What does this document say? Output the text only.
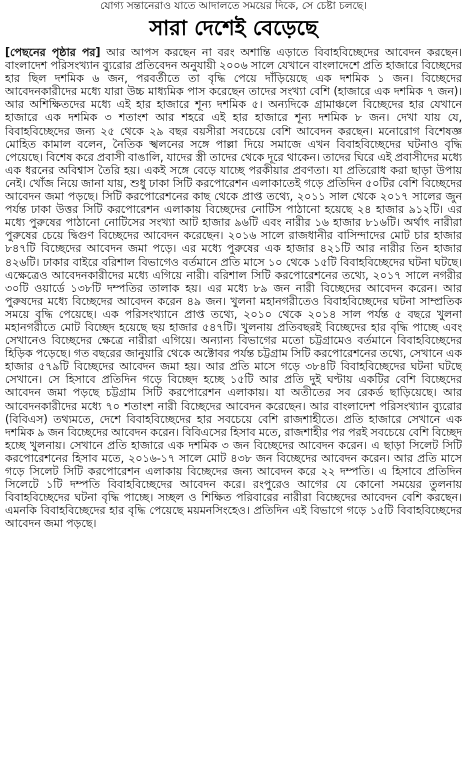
যোগ্য সন্তানেরাও যাতে আদালতে সময়ের দিকে, সে চেষ্টা চলছে।
সারা দেশেই বেড়েছে
[পেছনের পৃষ্ঠার পর] আর আপস করছেন না বরং অশান্তি এড়াতে বিবাহবিচ্ছেদের আবেদন করছেন। বাংলাদেশ পরিসংখ্যান ব্যুরোর প্রতিবেদন অনুযায়ী ২০০৬ সালে যেখানে বাংলাদেশে প্রতি হাজারে বিচ্ছেদের হার ছিল দশমিক ৬ জন, পরবর্তীতে তা বৃদ্ধি পেয়ে দাঁড়িয়েছে এক দশমিক ১ জন। বিচ্ছেদের আবেদনকারীদের মধ্যে যারা উচ্চ মাধ্যমিক পাস করেছেন তাদের সংখ্যা বেশি (হাজারে এক দশমিক ৭ জন)। আর অশিক্ষিতদের মধ্যে এই হার হাজারে শূন্য দশমিক ৫। অন্যদিকে গ্রামাঞ্চলে বিচ্ছেদের হার যেখানে হাজারে এক দশমিক ৩ শতাংশ আর শহরে এই হার হাজারে শূন্য দশমিক ৮ জন। দেখা যায় যে, বিবাহবিচ্ছেদের জন্য ২৫ থেকে ২৯ বছর বয়সীরা সবচেয়ে বেশি আবেদন করছেন। মনোরোগ বিশেষজ্ঞ মোহিত কামাল বলেন, নৈতিক স্খলনের সঙ্গে পাল্লা দিয়ে সমাজে এখন বিবাহবিচ্ছেদের ঘটনাও বৃদ্ধি পেয়েছে। বিশেষ করে প্রবাসী বাঙালি, যাদের স্ত্রী তাদের থেকে দূরে থাকেন। তাদের ঘিরে এই প্রবাসীদের মধ্যে এক ধরনের অবিশ্বাস তৈরি হয়। একই সঙ্গে বেড়ে যাচ্ছে পরকীয়ার প্রবণতা। যা প্রতিরোধ করা ছাড়া উপায় নেই। খোঁজ নিয়ে জানা যায়, শুধু ঢাকা সিটি করপোরেশন এলাকাতেই গড়ে প্রতিদিন ৫০টির বেশি বিচ্ছেদের আবেদন জমা পড়ছে। সিটি করপোরেশনের কাছ থেকে প্রাপ্ত তথ্যে, ২০১১ সাল থেকে ২০১৭ সালের জুন পর্যন্ত ঢাকা উত্তর সিটি করপোরেশন এলাকায় বিচ্ছেদের নোটিস পাঠানো হয়েছে ২৪ হাজার ৯১২টি। এর মধ্যে পুরুষের পাঠানো নোটিসের সংখ্যা আট হাজার ৯৬টি এবং নারীর ১৬ হাজার ৮১৬টি। অর্থাৎ নারীরা পুরুষের চেয়ে দ্বিগুণ বিচ্ছেদের আবেদন করেছেন। ২০১৬ সালে রাজধানীর বাসিন্দাদের মোট চার হাজার ৮৪৭টি বিচ্ছেদের আবেদন জমা পড়ে। এর মধ্যে পুরুষের এক হাজার ৪২১টি আর নারীর তিন হাজার ৪২৬টি। ঢাকার বাইরে বরিশাল বিভাগেও বর্তমানে প্রতি মাসে ১০ থেকে ১৫টি বিবাহবিচ্ছেদের ঘটনা ঘটছে। এক্ষেত্রেও আবেদনকারীদের মধ্যে এগিয়ে নারী। বরিশাল সিটি করপোরেশনের তথ্যে, ২০১৭ সালে নগরীর ৩০টি ওয়ার্ডে ১৩৮টি দম্পতির তালাক হয়। এর মধ্যে ৮৯ জন নারী বিচ্ছেদের আবেদন করেন। আর পুরুষদের মধ্যে বিচ্ছেদের আবেদন করেন ৪৯ জন। খুলনা মহানগরীতেও বিবাহবিচ্ছেদের ঘটনা সাম্প্রতিক সময়ে বৃদ্ধি পেয়েছে। এক পরিসংখ্যানে প্রাপ্ত তথ্যে, ২০১০ থেকে ২০১৪ সাল পর্যন্ত ৫ বছরে খুলনা মহানগরীতে মোট বিচ্ছেদ হয়েছে ছয় হাজার ৫৪৭টি। খুলনায় প্রতিবছরই বিচ্ছেদের হার বৃদ্ধি পাচ্ছে এবং সেখানেও বিচ্ছেদের ক্ষেত্রে নারীরা এগিয়ে। অন্যান্য বিভাগের মতো চট্টগ্রামেও বর্তমানে বিবাহবিচ্ছেদের হিড়িক পড়েছে। গত বছরের জানুয়ারি থেকে অক্টোবর পর্যন্ত চট্টগ্রাম সিটি করপোরেশনের তথ্যে, সেখানে এক হাজার ৫৭৯টি বিচ্ছেদের আবেদন জমা হয়। আর প্রতি মাসে গড়ে ৩৮৪টি বিবাহবিচ্ছেদের ঘটনা ঘটছে সেখানে। সে হিসাবে প্রতিদিন গড়ে বিচ্ছেদ হচ্ছে ১৫টি আর প্রতি দুই ঘণ্টায় একটির বেশি বিচ্ছেদের আবেদন জমা পড়ছে চট্টগ্রাম সিটি করপোরেশন এলাকায়। যা অতীতের সব রেকর্ড ছাড়িয়েছে। আর আবেদনকারীদের মধ্যে ৭০ শতাংশ নারী বিচ্ছেদের আবেদন করেছেন। আর বাংলাদেশ পরিসংখ্যান ব্যুরোর (বিবিএস) তথ্যমতে, দেশে বিবাহবিচ্ছেদের হার সবচেয়ে বেশি রাজশাহীতে। প্রতি হাজারে সেখানে এক দশমিক ৯ জন বিচ্ছেদের আবেদন করেন। বিবিএসের হিসাব মতে, রাজশাহীর পর পরই সবচেয়ে বেশি বিচ্ছেদ হচ্ছে খুলনায়। সেখানে প্রতি হাজারে এক দশমিক ৩ জন বিচ্ছেদের আবেদন করেন। এ ছাড়া সিলেট সিটি করপোরেশনের হিসাব মতে, ২০১৬-১৭ সালে মোট ৪৩৮ জন বিচ্ছেদের আবেদন করেন। আর প্রতি মাসে গড়ে সিলেট সিটি করপোরেশন এলাকায় বিচ্ছেদের জন্য আবেদন করে ২২ দম্পতি। এ হিসাবে প্রতিদিন সিলেটে ১টি দম্পতি বিবাহবিচ্ছেদের আবেদন করে। রংপুরেও আগের যে কোনো সময়ের তুলনায় বিবাহবিচ্ছেদের ঘটনা বৃদ্ধি পাচ্ছে। সচ্ছল ও শিক্ষিত পরিবারের নারীরা বিচ্ছেদের আবেদন বেশি করছেন। এমনকি বিবাহবিচ্ছেদের হার বৃদ্ধি পেয়েছে ময়মনসিংহেও। প্রতিদিন এই বিভাগে গড়ে ১৫টি বিবাহবিচ্ছেদের আবেদন জমা পড়ছে।
